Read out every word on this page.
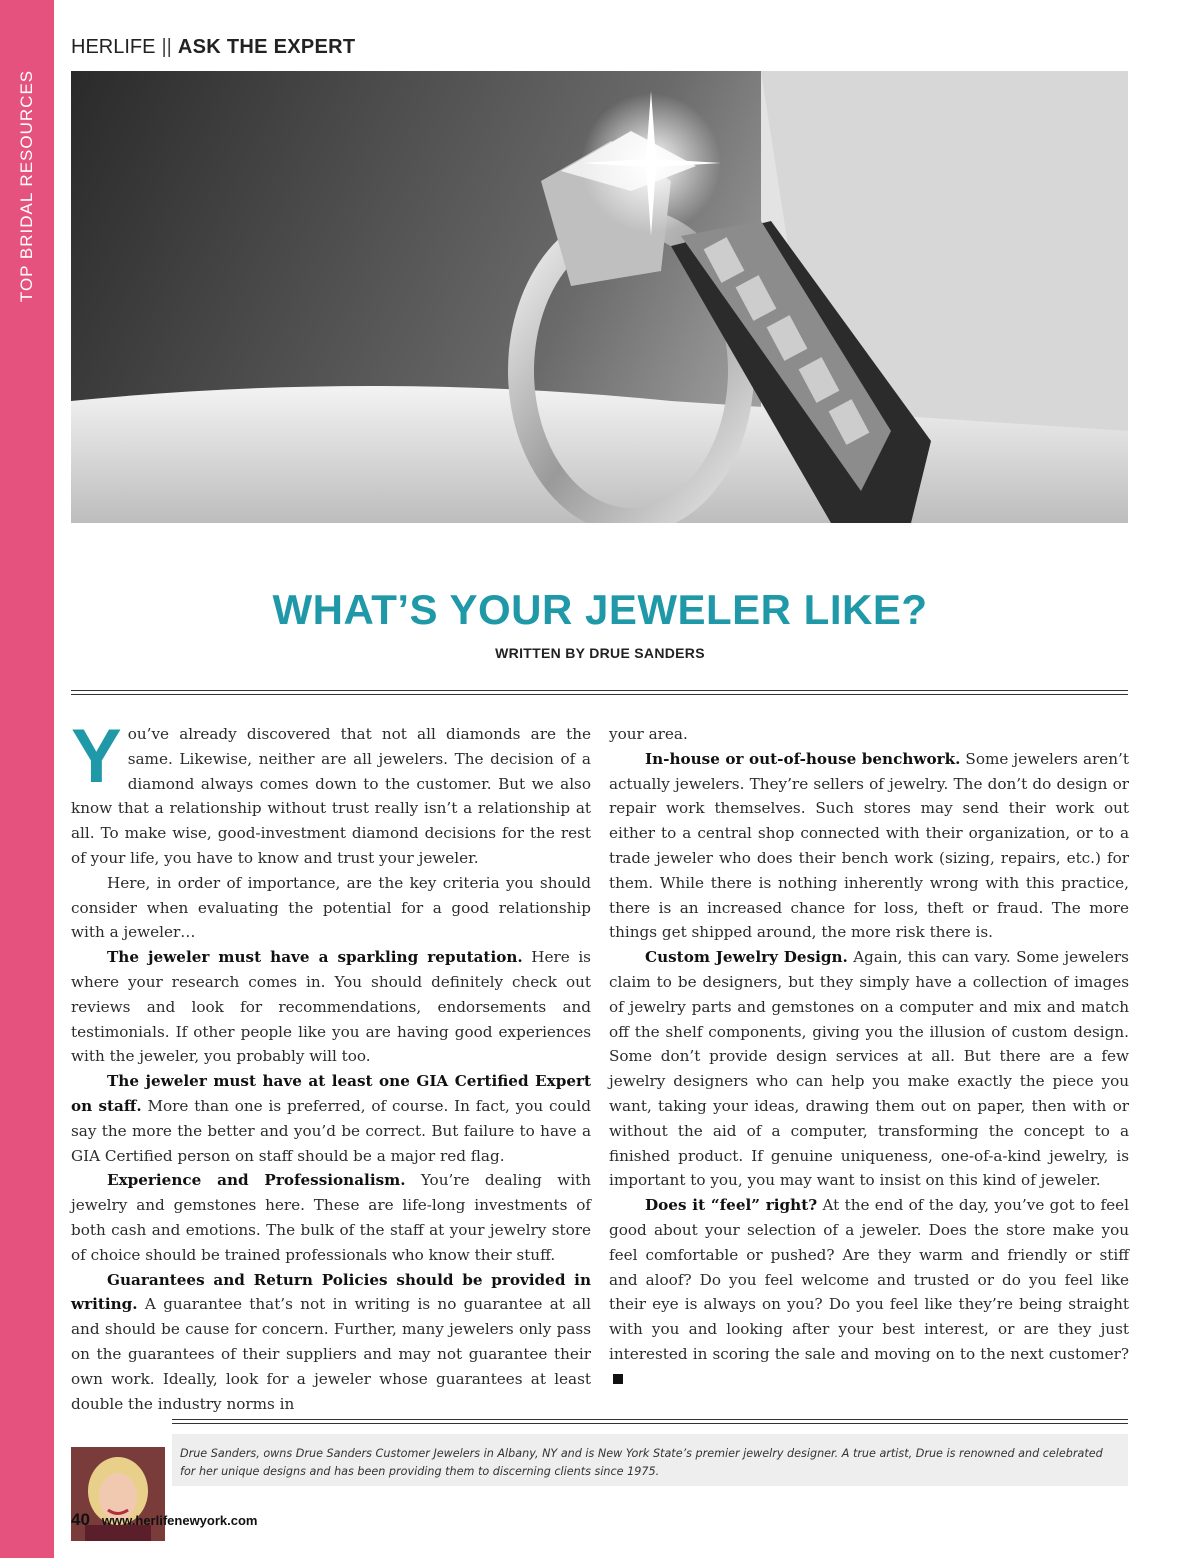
TOP BRIDAL RESOURCES
HERLIFE || ASK THE EXPERT
WHAT’S YOUR JEWELER LIKE?
WRITTEN BY DRUE SANDERS

You’ve already discovered that not all diamonds are the same. Likewise, neither are all jewelers. The decision of a diamond always comes down to the customer. But we also know that a relationship without trust really isn’t a relationship at all. To make wise, good-investment diamond decisions for the rest of your life, you have to know and trust your jeweler.

Here, in order of importance, are the key criteria you should consider when evaluating the potential for a good relationship with a jeweler…

The jeweler must have a sparkling reputation. Here is where your research comes in. You should definitely check out reviews and look for recommendations, endorsements and testimonials. If other people like you are having good experiences with the jeweler, you probably will too.

The jeweler must have at least one GIA Certified Expert on staff. More than one is preferred, of course. In fact, you could say the more the better and you’d be correct. But failure to have a GIA Certified person on staff should be a major red flag.

Experience and Professionalism. You’re dealing with jewelry and gemstones here. These are life-long investments of both cash and emotions. The bulk of the staff at your jewelry store of choice should be trained professionals who know their stuff.

Guarantees and Return Policies should be provided in writing. A guarantee that’s not in writing is no guarantee at all and should be cause for concern. Further, many jewelers only pass on the guarantees of their suppliers and may not guarantee their own work. Ideally, look for a jeweler whose guarantees at least double the industry norms in

your area.

In-house or out-of-house benchwork. Some jewelers aren’t actually jewelers. They’re sellers of jewelry. The don’t do design or repair work themselves. Such stores may send their work out either to a central shop connected with their organization, or to a trade jeweler who does their bench work (sizing, repairs, etc.) for them. While there is nothing inherently wrong with this practice, there is an increased chance for loss, theft or fraud. The more things get shipped around, the more risk there is.

Custom Jewelry Design. Again, this can vary. Some jewelers claim to be designers, but they simply have a collection of images of jewelry parts and gemstones on a computer and mix and match off the shelf components, giving you the illusion of custom design. Some don’t provide design services at all. But there are a few jewelry designers who can help you make exactly the piece you want, taking your ideas, drawing them out on paper, then with or without the aid of a computer, transforming the concept to a finished product. If genuine uniqueness, one-of-a-kind jewelry, is important to you, you may want to insist on this kind of jeweler.

Does it “feel” right? At the end of the day, you’ve got to feel good about your selection of a jeweler. Does the store make you feel comfortable or pushed? Are they warm and friendly or stiff and aloof? Do you feel welcome and trusted or do you feel like their eye is always on you? Do you feel like they’re being straight with you and looking after your best interest, or are they just interested in scoring the sale and moving on to the next customer?

Drue Sanders, owns Drue Sanders Customer Jewelers in Albany, NY and is New York State’s premier jewelry designer. A true artist, Drue is renowned and celebrated for her unique designs and has been providing them to discerning clients since 1975.
40 www.herlifenewyork.com
